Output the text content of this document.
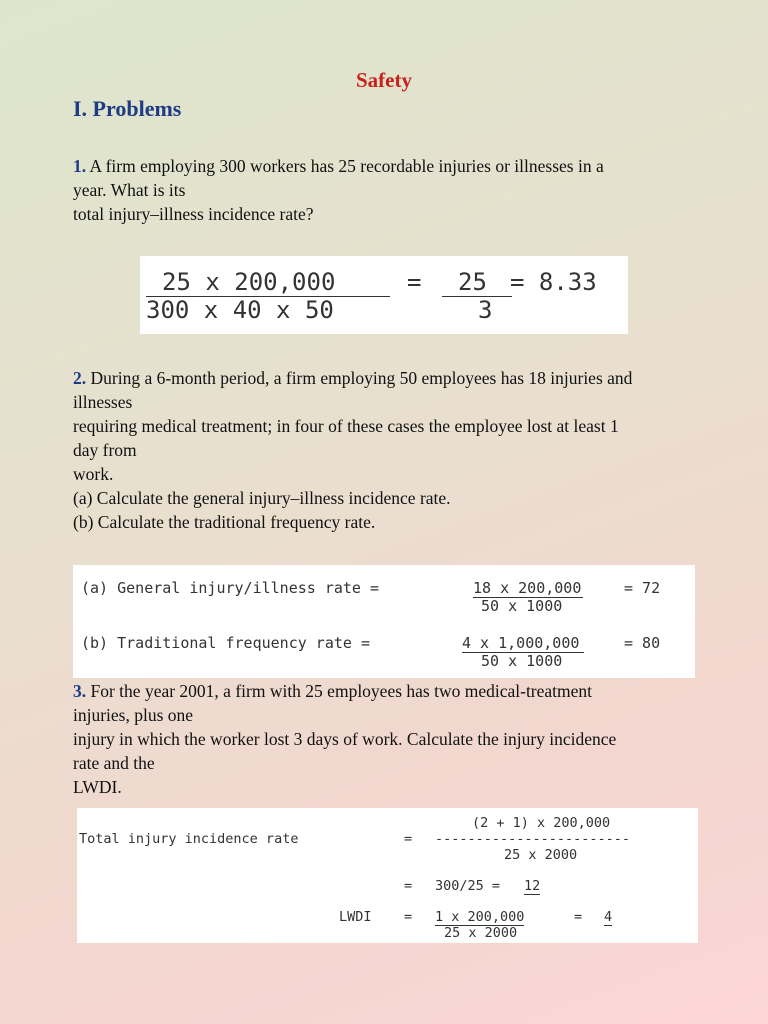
Safety
I. Problems
1. A firm employing 300 workers has 25 recordable injuries or illnesses in a
year. What is its
total injury–illness incidence rate?
25 x 200,000
300 x 40 x 50
= 25
3
= 8.33
2. During a 6-month period, a firm employing 50 employees has 18 injuries and
illnesses
requiring medical treatment; in four of these cases the employee lost at least 1
day from
work.
(a) Calculate the general injury–illness incidence rate.
(b) Calculate the traditional frequency rate.
(a) General injury/illness rate =	18 x 200,000
50 x 1000
= 72
(b) Traditional frequency rate =	4 x 1,000,000
50 x 1000
= 80
3. For the year 2001, a firm with 25 employees has two medical-treatment
injuries, plus one
injury in which the worker lost 3 days of work. Calculate the injury incidence
rate and the
LWDI.
(2 + 1) x 200,000
Total injury incidence rate	= ------------------------
25 x 2000
= 300/25 = 12
LWDI = 1 x 200,000
25 x 2000
= 4
